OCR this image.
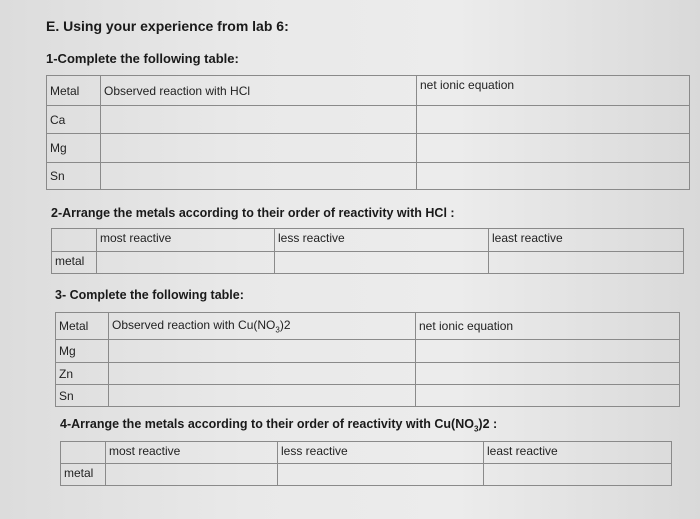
E. Using your experience from lab 6:
1-Complete the following table:
Metal	Observed reaction with HCl	net ionic equation
Ca		
Mg		
Sn		
2-Arrange the metals according to their order of reactivity with HCl :
	most reactive	less reactive	least reactive
metal			
3- Complete the following table:
Metal	Observed reaction with $Cu(NO_3)2$	net ionic equation
Mg		
Zn		
Sn		
4-Arrange the metals according to their order of reactivity with $Cu(NO_3)2$ :
	most reactive	less reactive	least reactive
metal			
